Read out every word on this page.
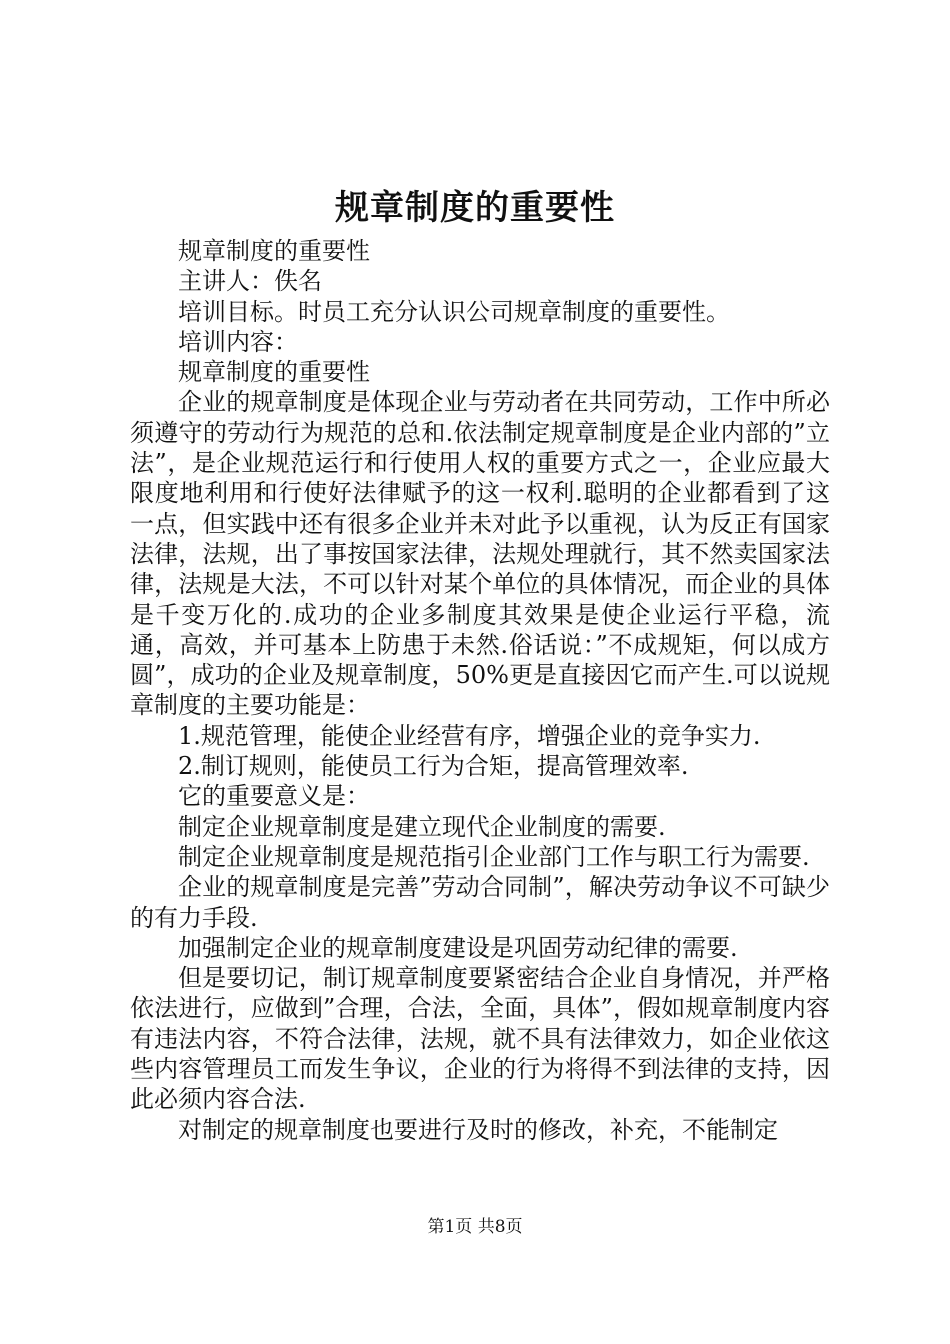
规章制度的重要性

规章制度的重要性

主讲人：佚名

培训目标。时员工充分认识公司规章制度的重要性。

培训内容：

规章制度的重要性

企业的规章制度是体现企业与劳动者在共同劳动，工作中所必须遵守的劳动行为规范的总和.依法制定规章制度是企业内部的”立法”，是企业规范运行和行使用人权的重要方式之一，企业应最大限度地利用和行使好法律赋予的这一权利.聪明的企业都看到了这一点，但实践中还有很多企业并未对此予以重视，认为反正有国家法律，法规，出了事按国家法律，法规处理就行，其不然卖国家法律，法规是大法，不可以针对某个单位的具体情况，而企业的具体是千变万化的.成功的企业多制度其效果是使企业运行平稳，流通，高效，并可基本上防患于未然.俗话说：”不成规矩，何以成方圆”，成功的企业及规章制度，50%更是直接因它而产生.可以说规章制度的主要功能是：

1.规范管理，能使企业经营有序，增强企业的竞争实力.

2.制订规则，能使员工行为合矩，提高管理效率.

它的重要意义是：

制定企业规章制度是建立现代企业制度的需要.

制定企业规章制度是规范指引企业部门工作与职工行为需要.

企业的规章制度是完善”劳动合同制”，解决劳动争议不可缺少的有力手段.

加强制定企业的规章制度建设是巩固劳动纪律的需要.

但是要切记，制订规章制度要紧密结合企业自身情况，并严格依法进行，应做到”合理，合法，全面，具体”，假如规章制度内容有违法内容，不符合法律，法规，就不具有法律效力，如企业依这些内容管理员工而发生争议，企业的行为将得不到法律的支持，因此必须内容合法.

对制定的规章制度也要进行及时的修改，补充，不能制定

第1页 共8页
